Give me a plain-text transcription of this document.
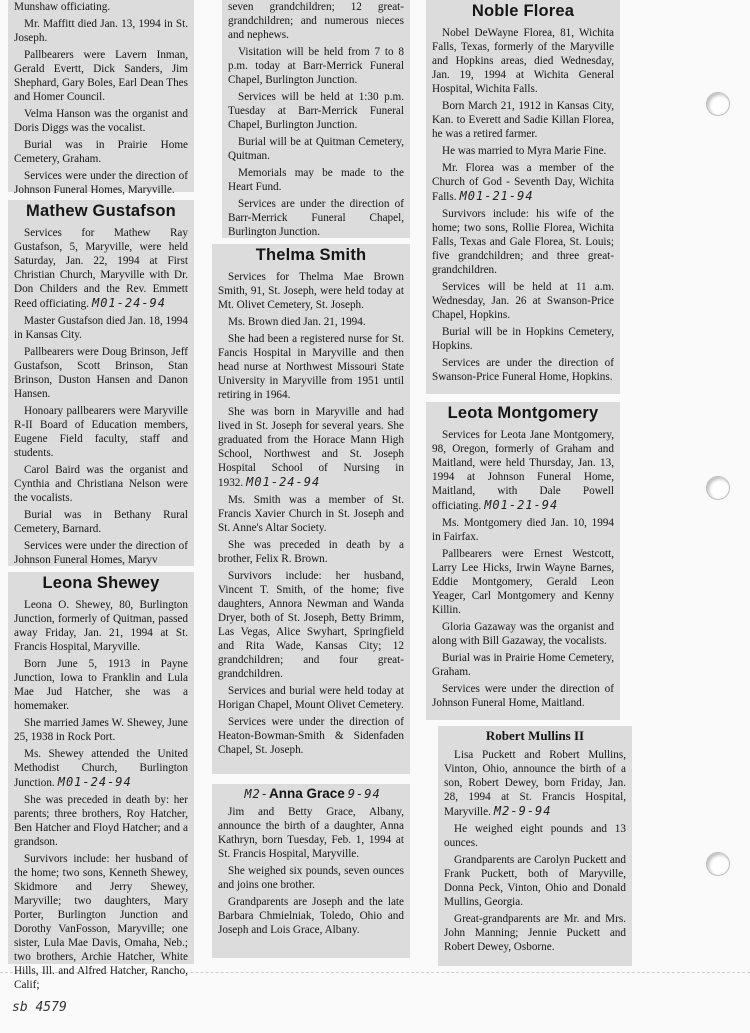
Munshaw officiating.

Mr. Maffitt died Jan. 13, 1994 in St. Joseph.

Pallbearers were Lavern Inman, Gerald Evertt, Dick Sanders, Jim Shephard, Gary Boles, Earl Dean Thes and Homer Council.

Velma Hanson was the organist and Doris Diggs was the vocalist.

Burial was in Prairie Home Cemetery, Graham.

Services were under the direction of Johnson Funeral Homes, Maryville.

Mathew Gustafson

Services for Mathew Ray Gustafson, 5, Maryville, were held Saturday, Jan. 22, 1994 at First Christian Church, Maryville with Dr. Don Childers and the Rev. Emmett Reed officiating. M01-24-94

Master Gustafson died Jan. 18, 1994 in Kansas City.

Pallbearers were Doug Brinson, Jeff Gustafson, Scott Brinson, Stan Brinson, Duston Hansen and Danon Hansen.

Honoary pallbearers were Maryville R-II Board of Education members, Eugene Field faculty, staff and students.

Carol Baird was the organist and Cynthia and Christiana Nelson were the vocalists.

Burial was in Bethany Rural Cemetery, Barnard.

Services were under the direction of Johnson Funeral Homes, Maryv

Leona Shewey

Leona O. Shewey, 80, Burlington Junction, formerly of Quitman, passed away Friday, Jan. 21, 1994 at St. Francis Hospital, Maryville.

Born June 5, 1913 in Payne Junction, Iowa to Franklin and Lula Mae Jud Hatcher, she was a homemaker.

She married James W. Shewey, June 25, 1938 in Rock Port.

Ms. Shewey attended the United Methodist Church, Burlington Junction. M01-24-94

She was preceded in death by: her parents; three brothers, Roy Hatcher, Ben Hatcher and Floyd Hatcher; and a grandson.

Survivors include: her husband of the home; two sons, Kenneth Shewey, Skidmore and Jerry Shewey, Maryville; two daughters, Mary Porter, Burlington Junction and Dorothy VanFosson, Maryville; one sister, Lula Mae Davis, Omaha, Neb.; two brothers, Archie Hatcher, White Hills, Ill. and Alfred Hatcher, Rancho, Calif;

seven grandchildren; 12 great-grandchildren; and numerous nieces and nephews.

Visitation will be held from 7 to 8 p.m. today at Barr-Merrick Funeral Chapel, Burlington Junction.

Services will be held at 1:30 p.m. Tuesday at Barr-Merrick Funeral Chapel, Burlington Junction.

Burial will be at Quitman Cemetery, Quitman.

Memorials may be made to the Heart Fund.

Services are under the direction of Barr-Merrick Funeral Chapel, Burlington Junction.

Thelma Smith

Services for Thelma Mae Brown Smith, 91, St. Joseph, were held today at Mt. Olivet Cemetery, St. Joseph.

Ms. Brown died Jan. 21, 1994.

She had been a registered nurse for St. Fancis Hospital in Maryville and then head nurse at Northwest Missouri State University in Maryville from 1951 until retiring in 1964.

She was born in Maryville and had lived in St. Joseph for several years. She graduated from the Horace Mann High School, Northwest and St. Joseph Hospital School of Nursing in 1932. M01-24-94

Ms. Smith was a member of St. Francis Xavier Church in St. Joseph and St. Anne's Altar Society.

She was preceded in death by a brother, Felix R. Brown.

Survivors include: her husband, Vincent T. Smith, of the home; five daughters, Annora Newman and Wanda Dryer, both of St. Joseph, Betty Brimm, Las Vegas, Alice Swyhart, Springfield and Rita Wade, Kansas City; 12 grandchildren; and four great-grandchildren.

Services and burial were held today at Horigan Chapel, Mount Olivet Cemetery.

Services were under the direction of Heaton-Bowman-Smith & Sidenfaden Chapel, St. Joseph.

M2-Anna Grace 9-94

Jim and Betty Grace, Albany, announce the birth of a daughter, Anna Kathryn, born Tuesday, Feb. 1, 1994 at St. Francis Hospital, Maryville.

She weighed six pounds, seven ounces and joins one brother.

Grandparents are Joseph and the late Barbara Chmielniak, Toledo, Ohio and Joseph and Lois Grace, Albany.

Noble Florea

Nobel DeWayne Florea, 81, Wichita Falls, Texas, formerly of the Maryville and Hopkins areas, died Wednesday, Jan. 19, 1994 at Wichita General Hospital, Wichita Falls.

Born March 21, 1912 in Kansas City, Kan. to Everett and Sadie Killan Florea, he was a retired farmer.

He was married to Myra Marie Fine.

Mr. Florea was a member of the Church of God - Seventh Day, Wichita Falls. M01-21-94

Survivors include: his wife of the home; two sons, Rollie Florea, Wichita Falls, Texas and Gale Florea, St. Louis; five grandchildren; and three great-grandchildren.

Services will be held at 11 a.m. Wednesday, Jan. 26 at Swanson-Price Chapel, Hopkins.

Burial will be in Hopkins Cemetery, Hopkins.

Services are under the direction of Swanson-Price Funeral Home, Hopkins.

Leota Montgomery

Services for Leota Jane Montgomery, 98, Oregon, formerly of Graham and Maitland, were held Thursday, Jan. 13, 1994 at Johnson Funeral Home, Maitland, with Dale Powell officiating. M01-21-94

Ms. Montgomery died Jan. 10, 1994 in Fairfax.

Pallbearers were Ernest Westcott, Larry Lee Hicks, Irwin Wayne Barnes, Eddie Montgomery, Gerald Leon Yeager, Carl Montgomery and Kenny Killin.

Gloria Gazaway was the organist and along with Bill Gazaway, the vocalists.

Burial was in Prairie Home Cemetery, Graham.

Services were under the direction of Johnson Funeral Home, Maitland.

Robert Mullins II

Lisa Puckett and Robert Mullins, Vinton, Ohio, announce the birth of a son, Robert Dewey, born Friday, Jan. 28, 1994 at St. Francis Hospital, Maryville. M2-9-94

He weighed eight pounds and 13 ounces.

Grandparents are Carolyn Puckett and Frank Puckett, both of Maryville, Donna Peck, Vinton, Ohio and Donald Mullins, Georgia.

Great-grandparents are Mr. and Mrs. John Manning; Jennie Puckett and Robert Dewey, Osborne.

sb 4579
